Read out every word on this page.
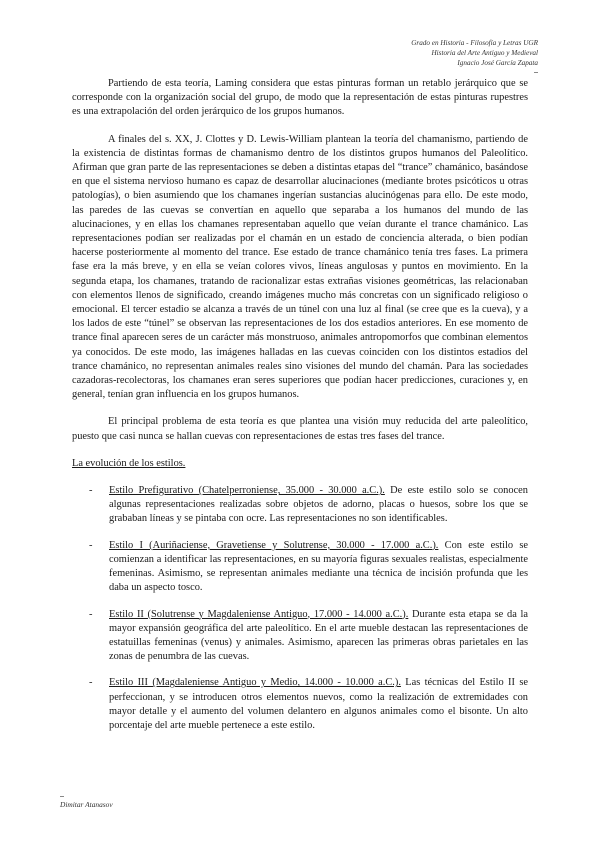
Grado en Historia - Filosofía y Letras UGR
Historia del Arte Antiguo y Medieval
Ignacio José García Zapata

Partiendo de esta teoría, Laming considera que estas pinturas forman un retablo jerárquico que se corresponde con la organización social del grupo, de modo que la representación de estas pinturas rupestres es una extrapolación del orden jerárquico de los grupos humanos.

A finales del s. XX, J. Clottes y D. Lewis-William plantean la teoría del chamanismo, partiendo de la existencia de distintas formas de chamanismo dentro de los distintos grupos humanos del Paleolítico. Afirman que gran parte de las representaciones se deben a distintas etapas del “trance” chamánico, basándose en que el sistema nervioso humano es capaz de desarrollar alucinaciones (mediante brotes psicóticos u otras patologías), o bien asumiendo que los chamanes ingerían sustancias alucinógenas para ello. De este modo, las paredes de las cuevas se convertían en aquello que separaba a los humanos del mundo de las alucinaciones, y en ellas los chamanes representaban aquello que veían durante el trance chamánico. Las representaciones podían ser realizadas por el chamán en un estado de conciencia alterada, o bien podían hacerse posteriormente al momento del trance. Ese estado de trance chamánico tenía tres fases. La primera fase era la más breve, y en ella se veían colores vivos, líneas angulosas y puntos en movimiento. En la segunda etapa, los chamanes, tratando de racionalizar estas extrañas visiones geométricas, las relacionaban con elementos llenos de significado, creando imágenes mucho más concretas con un significado religioso o emocional. El tercer estadio se alcanza a través de un túnel con una luz al final (se cree que es la cueva), y a los lados de este “túnel” se observan las representaciones de los dos estadios anteriores. En ese momento de trance final aparecen seres de un carácter más monstruoso, animales antropomorfos que combinan elementos ya conocidos. De este modo, las imágenes halladas en las cuevas coinciden con los distintos estadios del trance chamánico, no representan animales reales sino visiones del mundo del chamán. Para las sociedades cazadoras-recolectoras, los chamanes eran seres superiores que podían hacer predicciones, curaciones y, en general, tenían gran influencia en los grupos humanos.

El principal problema de esta teoría es que plantea una visión muy reducida del arte paleolítico, puesto que casi nunca se hallan cuevas con representaciones de estas tres fases del trance.

La evolución de los estilos.

- Estilo Prefigurativo (Chatelperroniense, 35.000 - 30.000 a.C.). De este estilo solo se conocen algunas representaciones realizadas sobre objetos de adorno, placas o huesos, sobre los que se grababan líneas y se pintaba con ocre. Las representaciones no son identificables.
- Estilo I (Auriñaciense, Gravetiense y Solutrense, 30.000 - 17.000 a.C.). Con este estilo se comienzan a identificar las representaciones, en su mayoría figuras sexuales realistas, especialmente femeninas. Asimismo, se representan animales mediante una técnica de incisión profunda que les daba un aspecto tosco.
- Estilo II (Solutrense y Magdaleniense Antiguo, 17.000 - 14.000 a.C.). Durante esta etapa se da la mayor expansión geográfica del arte paleolítico. En el arte mueble destacan las representaciones de estatuillas femeninas (venus) y animales. Asimismo, aparecen las primeras obras parietales en las zonas de penumbra de las cuevas.
- Estilo III (Magdaleniense Antiguo y Medio, 14.000 - 10.000 a.C.). Las técnicas del Estilo II se perfeccionan, y se introducen otros elementos nuevos, como la realización de extremidades con mayor detalle y el aumento del volumen delantero en algunos animales como el bisonte. Un alto porcentaje del arte mueble pertenece a este estilo.
Dimitar Atanasov
